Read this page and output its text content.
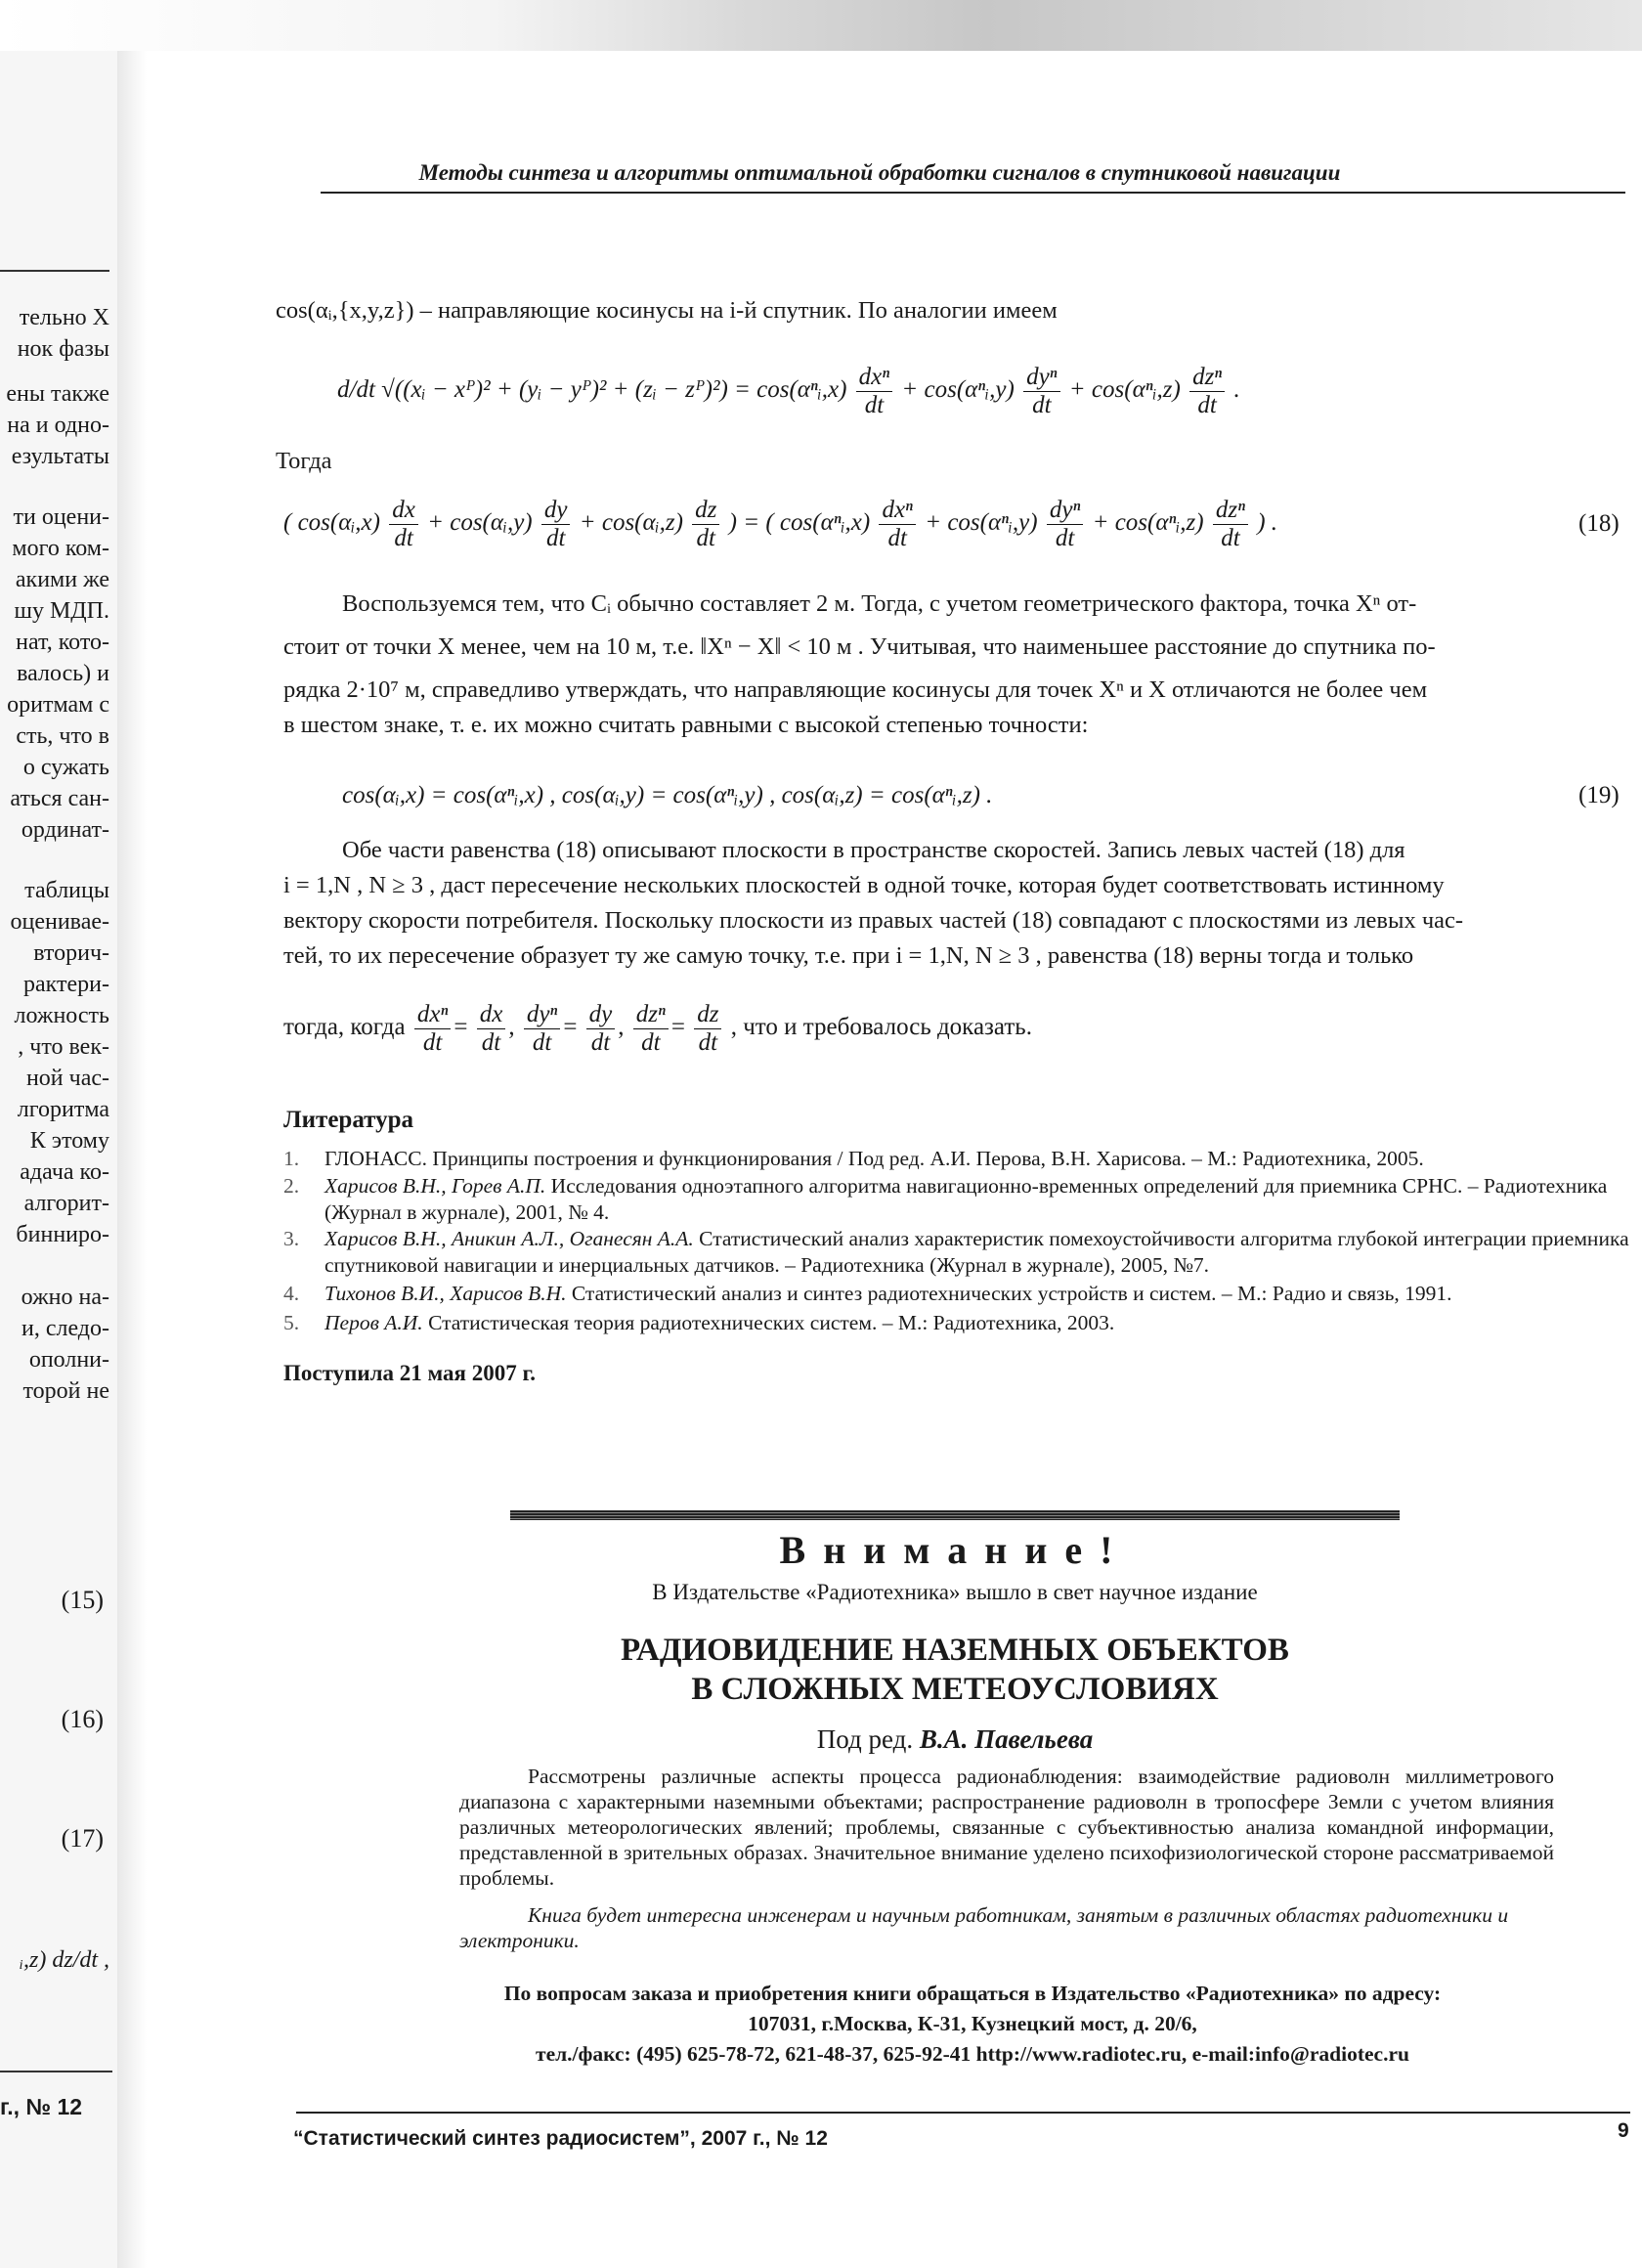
тельно X
нок фазы
ены также
на и одно-
езультаты
ти оцени-
мого ком-
акими же
шу МДП.
нат, кото-
валось) и
оритмам с
сть, что в
о сужать
аться сан-
ординат-
таблицы
оценивае-
вторич-
рактери-
ложность
, что век-
ной час-
лгоритма
К этому
адача ко-
алгорит-
бинниро-
ожно на-
и, следо-
ополни-
торой не
(15)
(16)
(17)
ᵢ,z) dz/dt ,
г., № 12
Методы синтеза и алгоритмы оптимальной обработки сигналов в спутниковой навигации
cos(αᵢ,{x,y,z}) – направляющие косинусы на i-й спутник. По аналогии имеем
d/dt √((xᵢ − xᴾ)² + (yᵢ − yᴾ)² + (zᵢ − zᴾ)²) = cos(αⁿᵢ,x) $\frac{\text{dxⁿ}}{dt}$ + cos(αⁿᵢ,y) $\frac{\text{dyⁿ}}{dt}$ + cos(αⁿᵢ,z) $\frac{\text{dzⁿ}}{dt}$ .
Тогда
( cos(αᵢ,x) $\frac{dx}{dt}$ + cos(αᵢ,y) $\frac{dy}{dt}$ + cos(αᵢ,z) $\frac{dz}{dt}$ ) = ( cos(αⁿᵢ,x) $\frac{\text{dxⁿ}}{dt}$ + cos(αⁿᵢ,y) $\frac{\text{dyⁿ}}{dt}$ + cos(αⁿᵢ,z) $\frac{\text{dzⁿ}}{dt}$ ) .	(18)
Воспользуемся тем, что Cᵢ обычно составляет 2 м. Тогда, с учетом геометрического фактора, точка Xⁿ от-
стоит от точки X менее, чем на 10 м, т.е. ‖Xⁿ − X‖ < 10 м . Учитывая, что наименьшее расстояние до спутника по-
рядка 2·10⁷ м, справедливо утверждать, что направляющие косинусы для точек Xⁿ и X отличаются не более чем
в шестом знаке, т. е. их можно считать равными с высокой степенью точности:
cos(αᵢ,x) = cos(αⁿᵢ,x) , cos(αᵢ,y) = cos(αⁿᵢ,y) , cos(αᵢ,z) = cos(αⁿᵢ,z) .	(19)
Обе части равенства (18) описывают плоскости в пространстве скоростей. Запись левых частей (18) для
i = 1,N , N ≥ 3 , даст пересечение нескольких плоскостей в одной точке, которая будет соответствовать истинному
вектору скорости потребителя. Поскольку плоскости из правых частей (18) совпадают с плоскостями из левых час-
тей, то их пересечение образует ту же самую точку, т.е. при i = 1,N, N ≥ 3 , равенства (18) верны тогда и только
тогда, когда $\frac{\text{dxⁿ}}{dt} = \frac{dx}{dt}$ , $\frac{\text{dyⁿ}}{dt} = \frac{dy}{dt}$ , $\frac{\text{dzⁿ}}{dt} = \frac{dz}{dt}$ , что и требовалось доказать.
Литература
1. ГЛОНАСС. Принципы построения и функционирования / Под ред. А.И. Перова, В.Н. Харисова. – М.: Радиотехника, 2005.
2. Харисов В.Н., Горев А.П. Исследования одноэтапного алгоритма навигационно-временных определений для приемника СРНС. – Радиотехника (Журнал в журнале), 2001, № 4.
3. Харисов В.Н., Аникин А.Л., Оганесян А.А. Статистический анализ характеристик помехоустойчивости алгоритма глубокой интеграции приемника спутниковой навигации и инерциальных датчиков. – Радиотехника (Журнал в журнале), 2005, №7.
4. Тихонов В.И., Харисов В.Н. Статистический анализ и синтез радиотехнических устройств и систем. – М.: Радио и связь, 1991.
5. Перов А.И. Статистическая теория радиотехнических систем. – М.: Радиотехника, 2003.
Поступила 21 мая 2007 г.
Внимание!
В Издательстве «Радиотехника» вышло в свет научное издание
РАДИОВИДЕНИЕ НАЗЕМНЫХ ОБЪЕКТОВ
В СЛОЖНЫХ МЕТЕОУСЛОВИЯХ
Под ред. В.А. Павельева
Рассмотрены различные аспекты процесса радионаблюдения: взаимодействие радиоволн миллиметрового диапазона с характерными наземными объектами; распространение радиоволн в тропосфере Земли с учетом влияния различных метеорологических явлений; проблемы, связанные с субъективностью анализа командной информации, представленной в зрительных образах. Значительное внимание уделено психофизиологической стороне рассматриваемой проблемы.
Книга будет интересна инженерам и научным работникам, занятым в различных областях радиотехники и электроники.
По вопросам заказа и приобретения книги обращаться в Издательство «Радиотехника» по адресу:
107031, г.Москва, К-31, Кузнецкий мост, д. 20/6,
тел./факс: (495) 625-78-72, 621-48-37, 625-92-41 http://www.radiotec.ru, e-mail:info@radiotec.ru
“Статистический синтез радиосистем”, 2007 г., № 12	9
